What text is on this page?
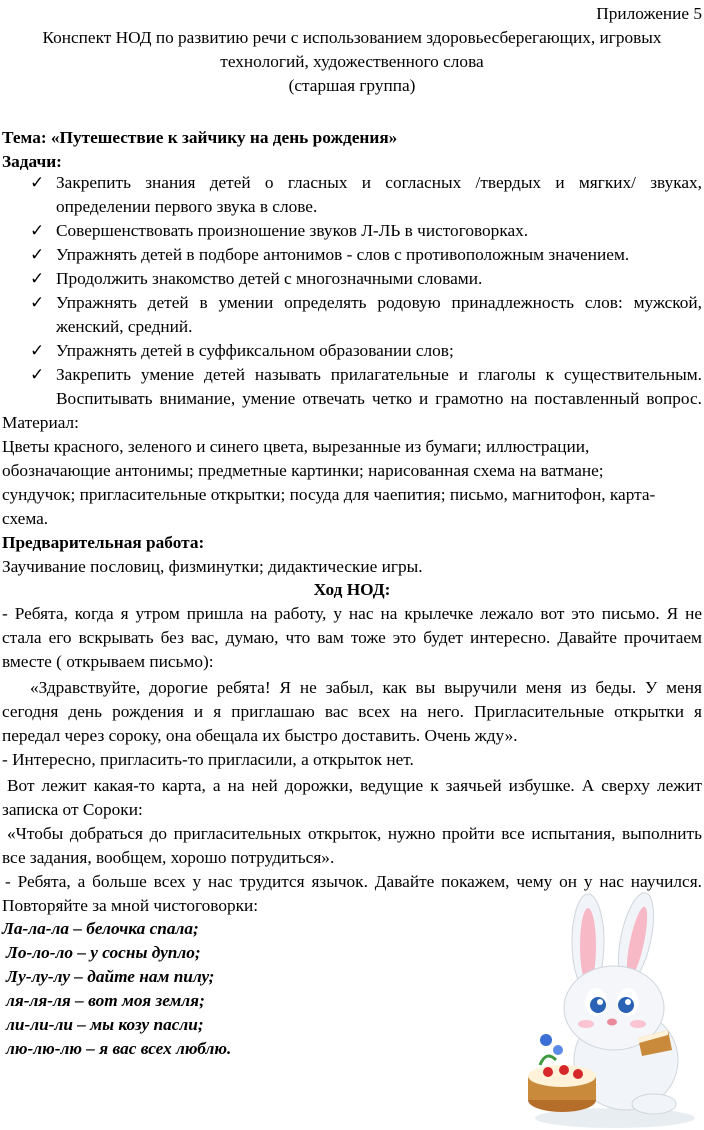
Приложение 5
Конспект НОД по развитию речи с использованием здоровьесберегающих, игровых
технологий, художественного слова
(старшая группа)
Тема: «Путешествие к зайчику на день рождения»
Задачи:
✓ Закрепить знания детей о гласных и согласных /твердых и мягких/ звуках,
определении первого звука в слове.
✓ Совершенствовать произношение звуков Л-ЛЬ в чистоговорках.
✓ Упражнять детей в подборе антонимов - слов с противоположным значением.
✓ Продолжить знакомство детей с многозначными словами.
✓ Упражнять детей в умении определять родовую принадлежность слов: мужской,
женский, средний.
✓ Упражнять детей в суффиксальном образовании слов;
✓ Закрепить умение детей называть прилагательные и глаголы к существительным.
Воспитывать внимание, умение отвечать четко и грамотно на поставленный вопрос.
Материал:
Цветы красного, зеленого и синего цвета, вырезанные из бумаги; иллюстрации,
обозначающие антонимы; предметные картинки; нарисованная схема на ватмане;
сундучок; пригласительные открытки; посуда для чаепития; письмо, магнитофон, карта-
схема.
Предварительная работа:
Заучивание пословиц, физминутки; дидактические игры.
Ход НОД:
- Ребята, когда я утром пришла на работу, у нас на крылечке лежало вот это письмо. Я не
стала его вскрывать без вас, думаю, что вам тоже это будет интересно. Давайте прочитаем
вместе ( открываем письмо):
«Здравствуйте, дорогие ребята! Я не забыл, как вы выручили меня из беды. У меня
сегодня день рождения и я приглашаю вас всех на него. Пригласительные открытки я
передал через сороку, она обещала их быстро доставить. Очень жду».
- Интересно, пригласить-то пригласили, а открыток нет.
Вот лежит какая-то карта, а на ней дорожки, ведущие к заячьей избушке. А сверху лежит
записка от Сороки:
«Чтобы добраться до пригласительных открыток, нужно пройти все испытания, выполнить
все задания, вообщем, хорошо потрудиться».
- Ребята, а больше всех у нас трудится язычок. Давайте покажем, чему он у нас научился.
Повторяйте за мной чистоговорки:
Ла-ла-ла – белочка спала;
Ло-ло-ло – у сосны дупло;
Лу-лу-лу – дайте нам пилу;
ля-ля-ля – вот моя земля;
ли-ли-ли – мы козу пасли;
лю-лю-лю – я вас всех люблю.
